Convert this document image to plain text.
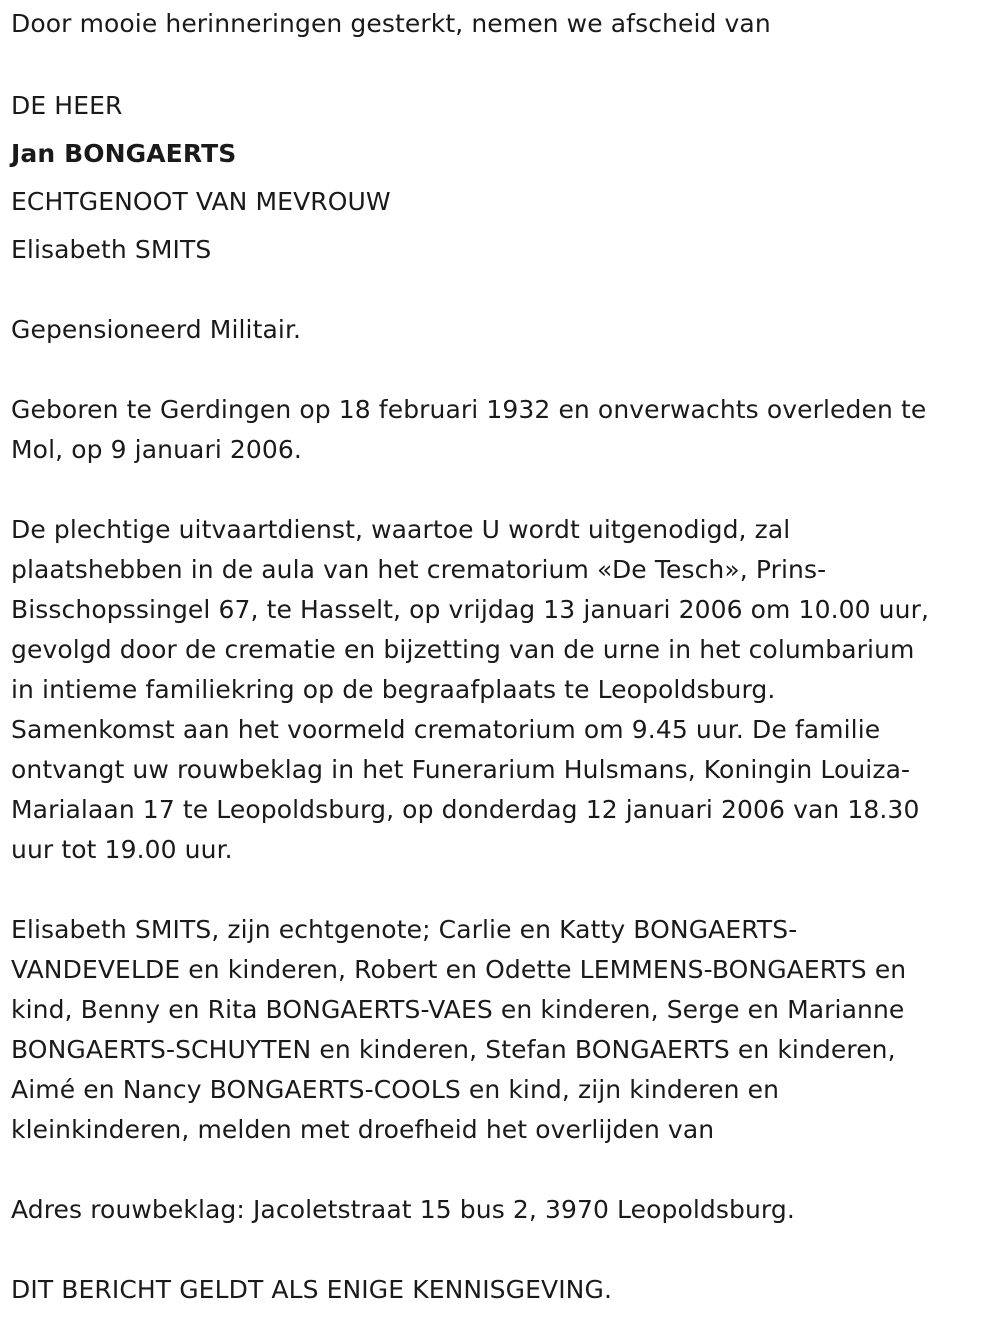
Door mooie herinneringen gesterkt, nemen we afscheid van
DE HEER
Jan BONGAERTS
ECHTGENOOT VAN MEVROUW
Elisabeth SMITS
Gepensioneerd Militair.
Geboren te Gerdingen op 18 februari 1932 en onverwachts overleden te
Mol, op 9 januari 2006.
De plechtige uitvaartdienst, waartoe U wordt uitgenodigd, zal
plaatshebben in de aula van het crematorium «De Tesch», Prins-
Bisschopssingel 67, te Hasselt, op vrijdag 13 januari 2006 om 10.00 uur,
gevolgd door de crematie en bijzetting van de urne in het columbarium
in intieme familiekring op de begraafplaats te Leopoldsburg.
Samenkomst aan het voormeld crematorium om 9.45 uur. De familie
ontvangt uw rouwbeklag in het Funerarium Hulsmans, Koningin Louiza-
Marialaan 17 te Leopoldsburg, op donderdag 12 januari 2006 van 18.30
uur tot 19.00 uur.
Elisabeth SMITS, zijn echtgenote; Carlie en Katty BONGAERTS-
VANDEVELDE en kinderen, Robert en Odette LEMMENS-BONGAERTS en
kind, Benny en Rita BONGAERTS-VAES en kinderen, Serge en Marianne
BONGAERTS-SCHUYTEN en kinderen, Stefan BONGAERTS en kinderen,
Aimé en Nancy BONGAERTS-COOLS en kind, zijn kinderen en
kleinkinderen, melden met droefheid het overlijden van
Adres rouwbeklag: Jacoletstraat 15 bus 2, 3970 Leopoldsburg.
DIT BERICHT GELDT ALS ENIGE KENNISGEVING.
